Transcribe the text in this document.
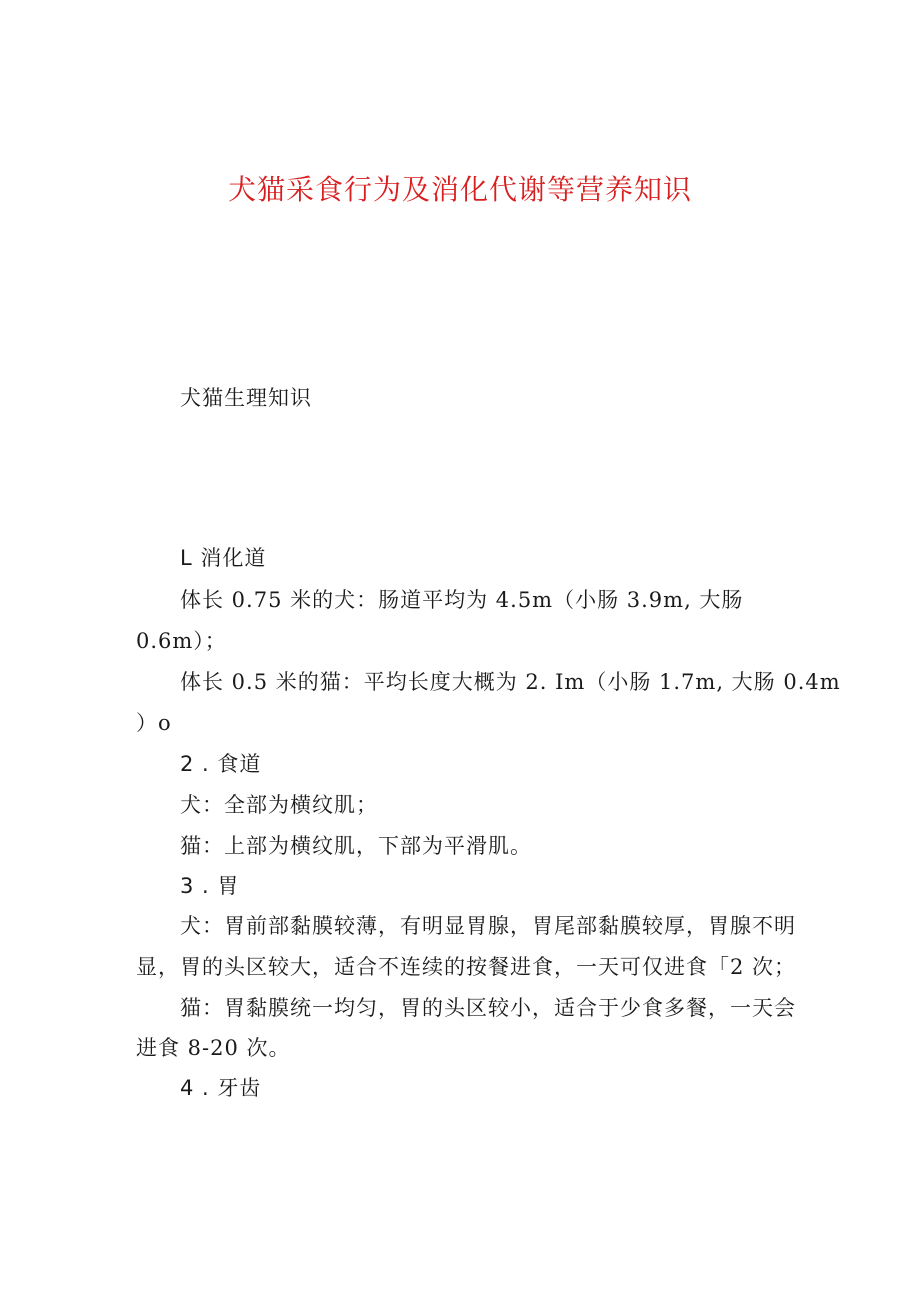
犬猫采食行为及消化代谢等营养知识
犬猫生理知识
L 消化道
体长 0.75 米的犬：肠道平均为 4.5m（小肠 3.9m, 大肠
0.6m）；
体长 0.5 米的猫：平均长度大概为 2. Im（小肠 1.7m, 大肠 0.4m
）o
2 . 食道
犬：全部为横纹肌；
猫：上部为横纹肌，下部为平滑肌。
3 . 胃
犬：胃前部黏膜较薄，有明显胃腺，胃尾部黏膜较厚，胃腺不明
显，胃的头区较大，适合不连续的按餐进食，一天可仅进食「2 次；
猫：胃黏膜统一均匀，胃的头区较小，适合于少食多餐，一天会
进食 8-20 次。
4 . 牙齿
